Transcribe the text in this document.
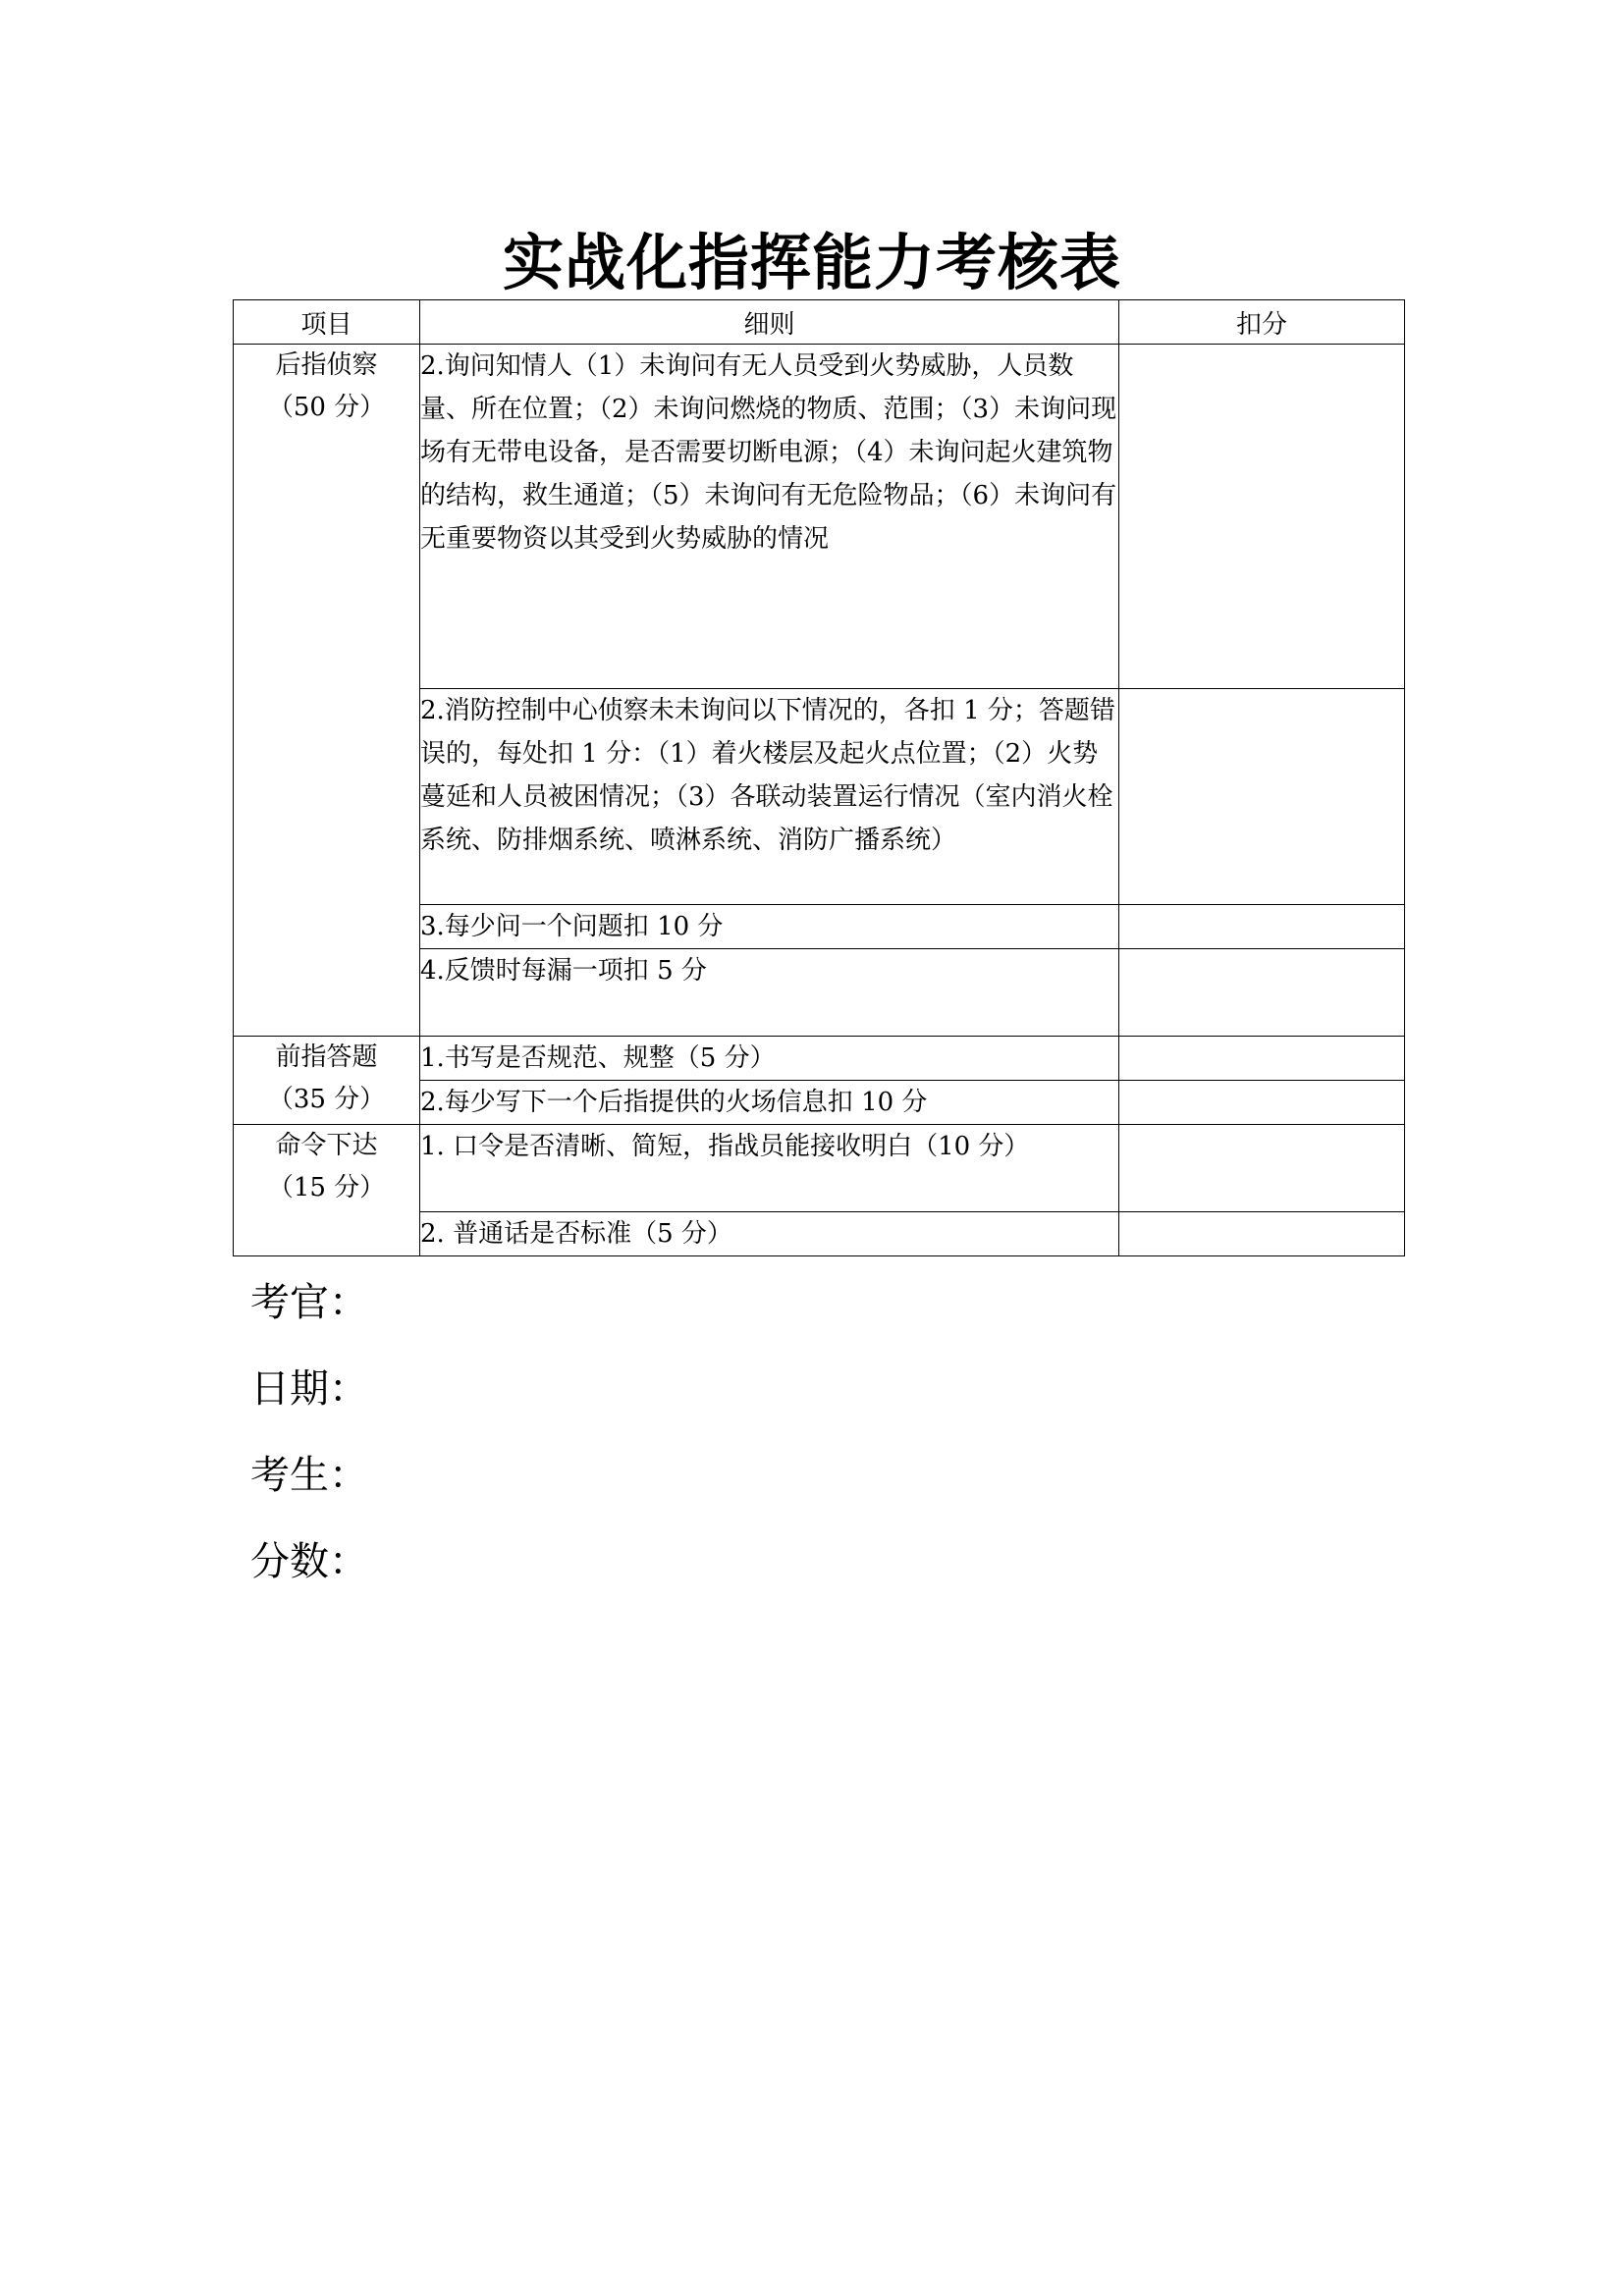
实战化指挥能力考核表
项目	细则	扣分

后指侦察
（50 分）	2.询问知情人（1）未询问有无人员受到火势威胁，人员数量、所在位置；（2）未询问燃烧的物质、范围；（3）未询问现场有无带电设备，是否需要切断电源；（4）未询问起火建筑物的结构，救生通道；（5）未询问有无危险物品；（6）未询问有无重要物资以其受到火势威胁的情况	
	2.消防控制中心侦察未未询问以下情况的，各扣 1 分；答题错误的，每处扣 1 分：（1）着火楼层及起火点位置；（2）火势蔓延和人员被困情况；（3）各联动装置运行情况（室内消火栓系统、防排烟系统、喷淋系统、消防广播系统）	
	3.每少问一个问题扣 10 分	
	4.反馈时每漏一项扣 5 分	

前指答题
（35 分）	1.书写是否规范、规整（5 分）	
	2.每少写下一个后指提供的火场信息扣 10 分	

命令下达
（15 分）	1. 口令是否清晰、简短，指战员能接收明白（10 分）	
	2. 普通话是否标准（5 分）	
考官：
日期：
考生：
分数：
